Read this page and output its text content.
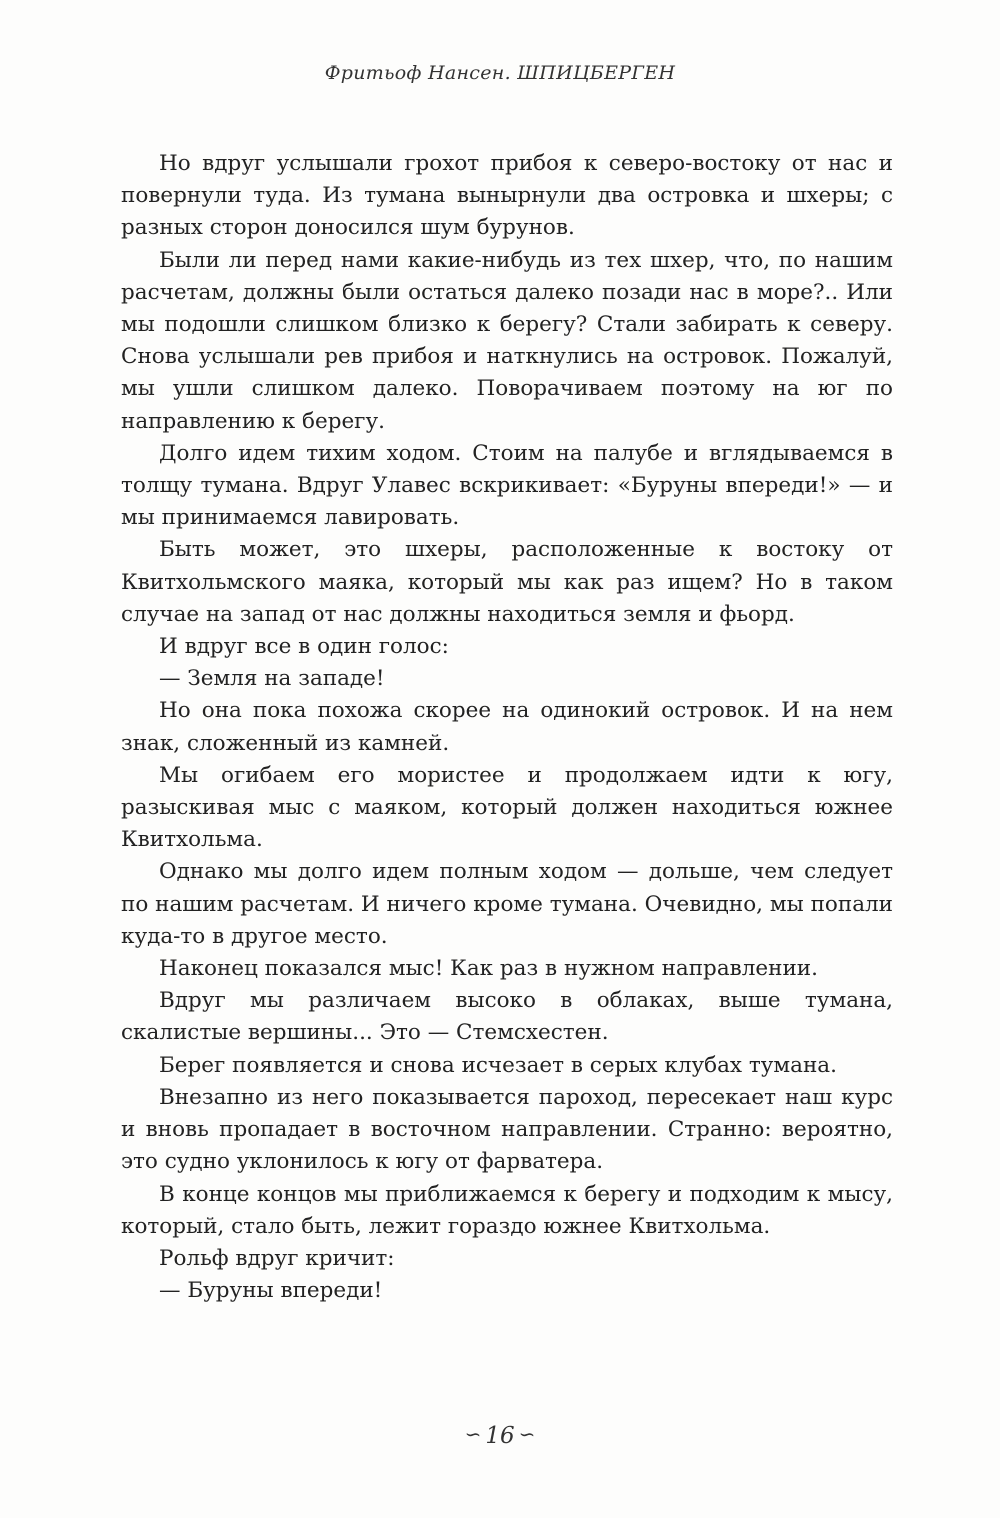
Фритьоф Нансен. ШПИЦБЕРГЕН

Но вдруг услышали грохот прибоя к северо-востоку от нас и повернули туда. Из тумана вынырнули два островка и шхеры; с разных сторон доносился шум бурунов.

Были ли перед нами какие-нибудь из тех шхер, что, по нашим расчетам, должны были остаться далеко позади нас в море?.. Или мы подошли слишком близко к берегу? Стали забирать к северу. Снова услышали рев прибоя и наткнулись на островок. Пожалуй, мы ушли слишком далеко. Поворачиваем поэтому на юг по направлению к берегу.

Долго идем тихим ходом. Стоим на палубе и вглядываемся в толщу тумана. Вдруг Улавес вскрикивает: «Буруны впереди!» — и мы принимаемся лавировать.

Быть может, это шхеры, расположенные к востоку от Квитхольмского маяка, который мы как раз ищем? Но в таком случае на запад от нас должны находиться земля и фьорд.

И вдруг все в один голос:

— Земля на западе!

Но она пока похожа скорее на одинокий островок. И на нем знак, сложенный из камней.

Мы огибаем его мористее и продолжаем идти к югу, разыскивая мыс с маяком, который должен находиться южнее Квитхольма.

Однако мы долго идем полным ходом — дольше, чем следует по нашим расчетам. И ничего кроме тумана. Очевидно, мы попали куда-то в другое место.

Наконец показался мыс! Как раз в нужном направлении.

Вдруг мы различаем высоко в облаках, выше тумана, скалистые вершины... Это — Стемсхестен.

Берег появляется и снова исчезает в серых клубах тумана.

Внезапно из него показывается пароход, пересекает наш курс и вновь пропадает в восточном направлении. Странно: вероятно, это судно уклонилось к югу от фарватера.

В конце концов мы приближаемся к берегу и подходим к мысу, который, стало быть, лежит гораздо южнее Квитхольма.

Рольф вдруг кричит:

— Буруны впереди!

∽ 16 ∽
